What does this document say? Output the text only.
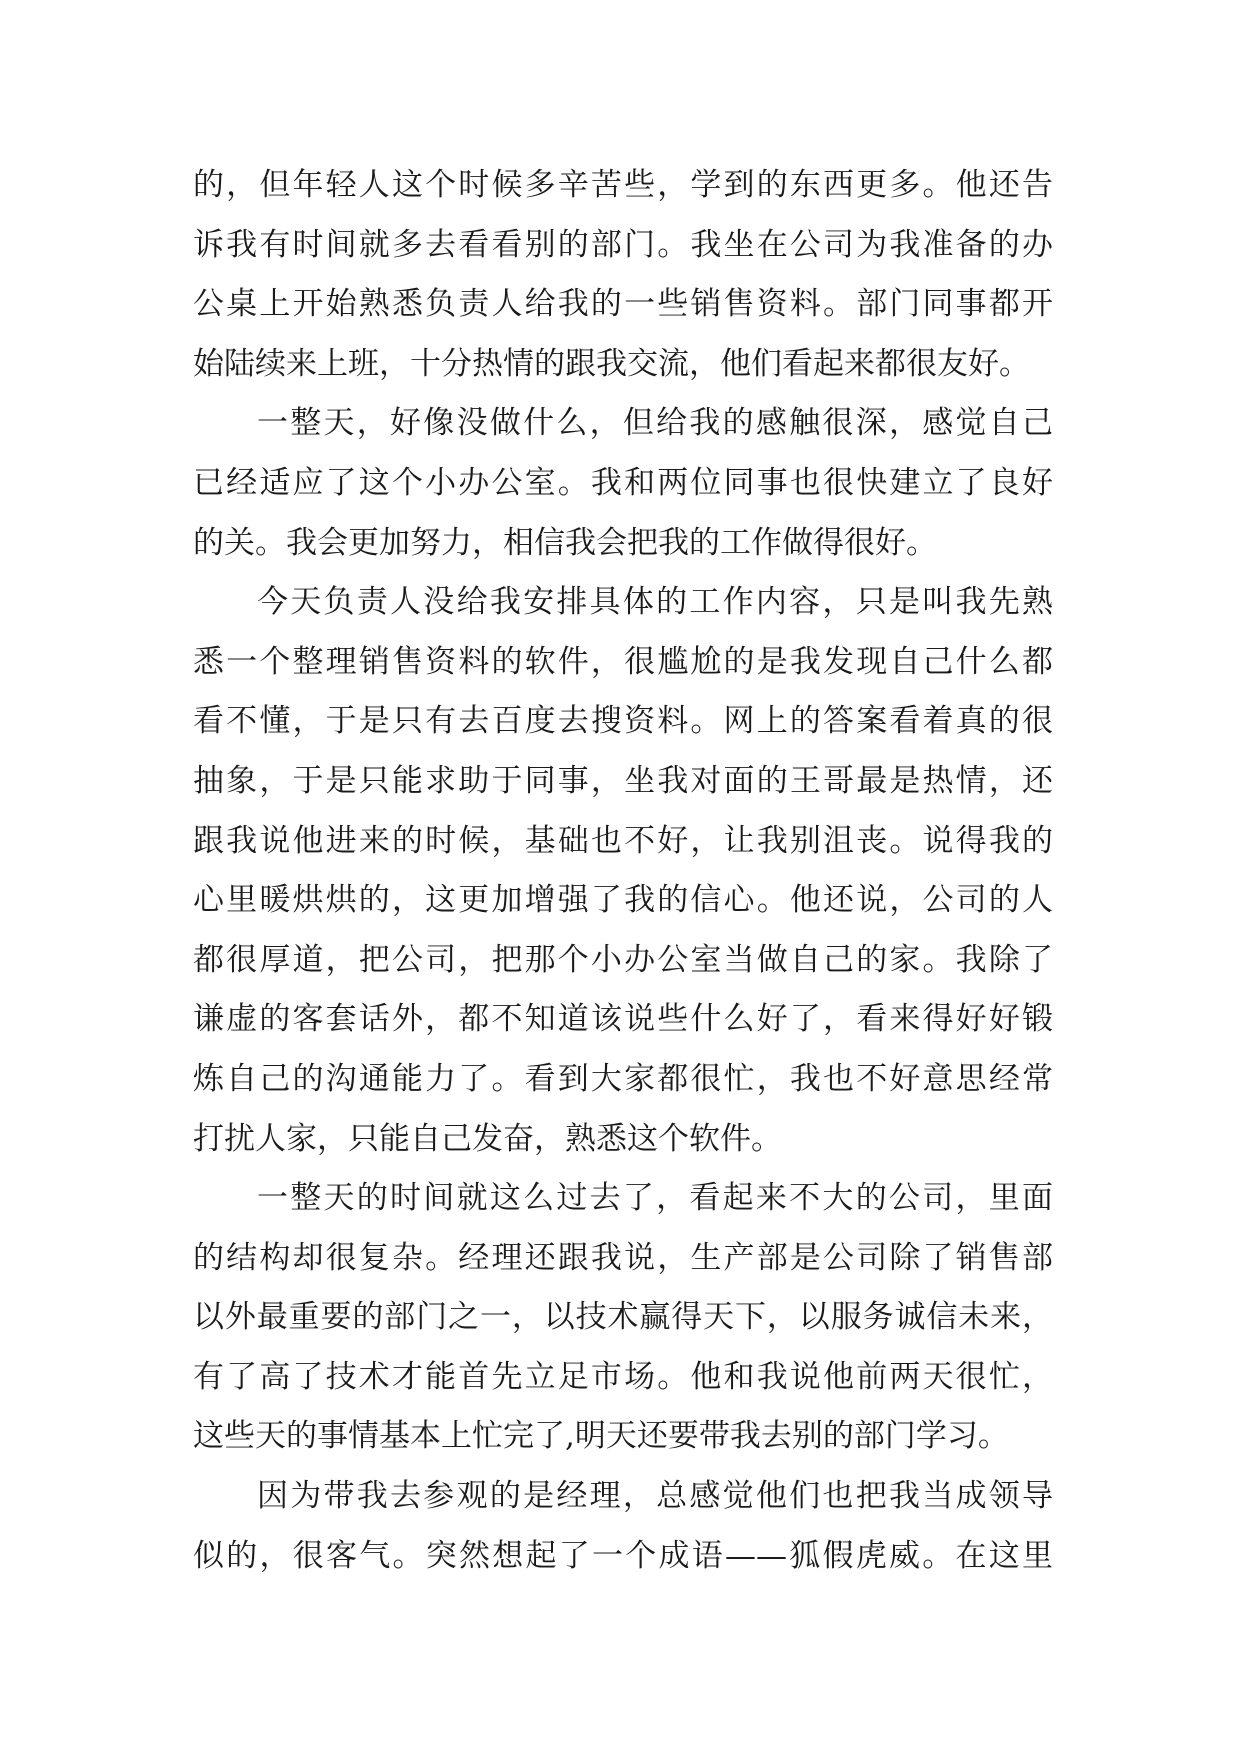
的，但年轻人这个时候多辛苦些，学到的东西更多。他还告
诉我有时间就多去看看别的部门。我坐在公司为我准备的办
公桌上开始熟悉负责人给我的一些销售资料。部门同事都开
始陆续来上班，十分热情的跟我交流，他们看起来都很友好。
一整天，好像没做什么，但给我的感触很深，感觉自己
已经适应了这个小办公室。我和两位同事也很快建立了良好
的关。我会更加努力，相信我会把我的工作做得很好。
今天负责人没给我安排具体的工作内容，只是叫我先熟
悉一个整理销售资料的软件，很尴尬的是我发现自己什么都
看不懂，于是只有去百度去搜资料。网上的答案看着真的很
抽象，于是只能求助于同事，坐我对面的王哥最是热情，还
跟我说他进来的时候，基础也不好，让我别沮丧。说得我的
心里暖烘烘的，这更加增强了我的信心。他还说，公司的人
都很厚道，把公司，把那个小办公室当做自己的家。我除了
谦虚的客套话外，都不知道该说些什么好了，看来得好好锻
炼自己的沟通能力了。看到大家都很忙，我也不好意思经常
打扰人家，只能自己发奋，熟悉这个软件。
一整天的时间就这么过去了，看起来不大的公司，里面
的结构却很复杂。经理还跟我说，生产部是公司除了销售部
以外最重要的部门之一，以技术赢得天下，以服务诚信未来，
有了高了技术才能首先立足市场。他和我说他前两天很忙，
这些天的事情基本上忙完了,明天还要带我去别的部门学习。
因为带我去参观的是经理，总感觉他们也把我当成领导
似的，很客气。突然想起了一个成语——狐假虎威。在这里
